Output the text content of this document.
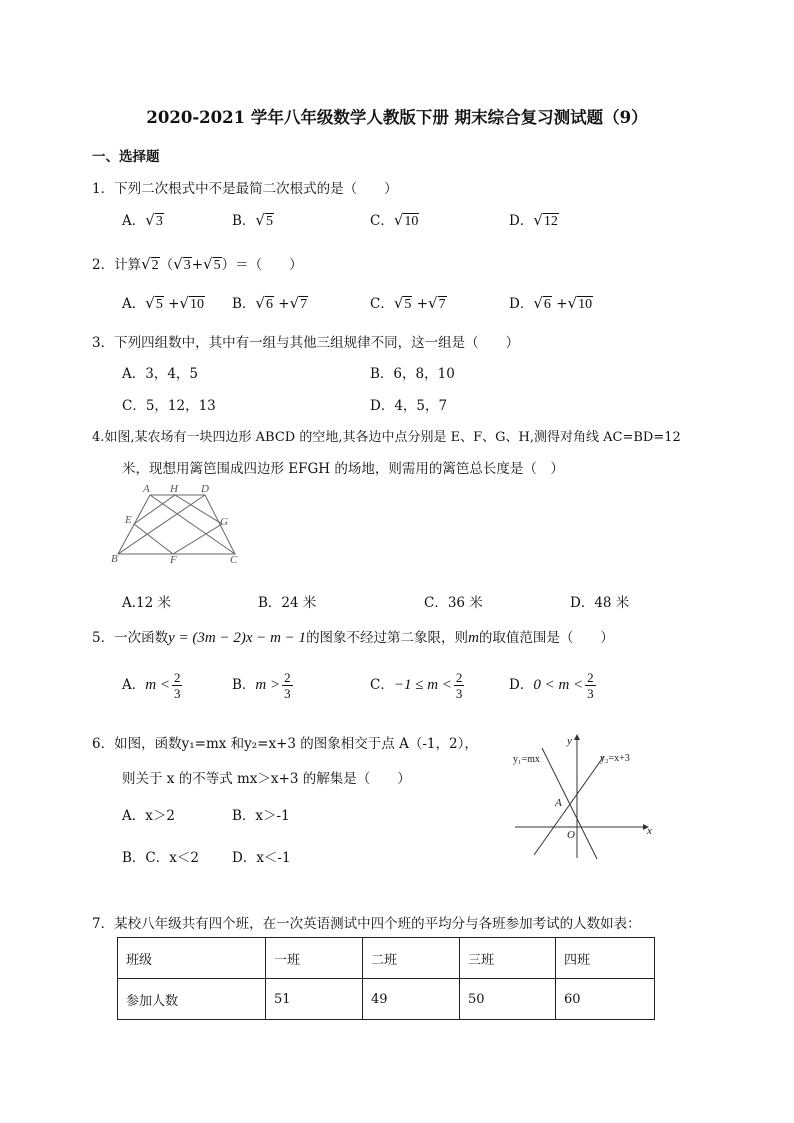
2020-2021 学年八年级数学人教版下册 期末综合复习测试题（9）
一、选择题
1．下列二次根式中不是最简二次根式的是（　　）
A．√3	B．√5	C．√10	D．√12
2．计算√2（√3+√5）＝（　　）
A．√5 +√10 B．√6 +√7	C．√5 +√7	D．√6 +√10
3．下列四组数中，其中有一组与其他三组规律不同，这一组是（　　）
A．3，4，5	B．6，8，10
C．5，12，13	D．4，5，7
4.如图,某农场有一块四边形 ABCD 的空地,其各边中点分别是 E、F、G、H,测得对角线 AC=BD=12
米，现想用篱笆围成四边形 EFGH 的场地，则需用的篱笆总长度是（　）
A H D
E	G
B	F	C
A.12 米	B．24 米	C．36 米	D．48 米
5．一次函数y = (3m − 2)x − m − 1的图象不经过第二象限，则m的取值范围是（　　）
A．$m < \frac{2}{3}$	B．$m > \frac{2}{3}$	C．$-1 \le m < \frac{2}{3}$	D．$0 < m < \frac{2}{3}$
6．如图，函数y₁=mx 和y₂=x+3 的图象相交于点 A（-1，2），
则关于 x 的不等式 mx＞x+3 的解集是（　　）
A．x＞2	B．x＞-1
B．C．x＜2 D．x＜-1
y₁=mx	y₂=x+3
y
x
A
O
7．某校八年级共有四个班，在一次英语测试中四个班的平均分与各班参加考试的人数如表：
班级	一班	二班	三班	四班
参加人数	51	49	50	60
